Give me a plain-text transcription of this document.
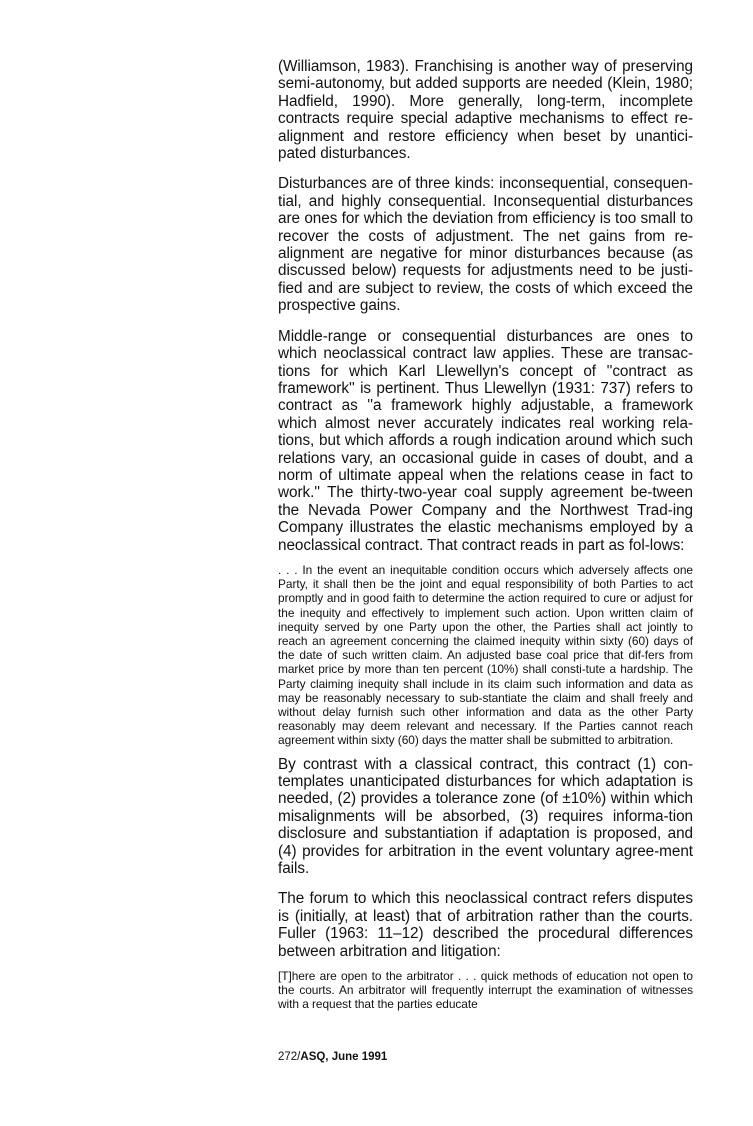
(Williamson, 1983). Franchising is another way of preserving semi-autonomy, but added supports are needed (Klein, 1980; Hadfield, 1990). More generally, long-term, incomplete contracts require special adaptive mechanisms to effect re-alignment and restore efficiency when beset by unantici-pated disturbances.

Disturbances are of three kinds: inconsequential, consequen-tial, and highly consequential. Inconsequential disturbances are ones for which the deviation from efficiency is too small to recover the costs of adjustment. The net gains from re-alignment are negative for minor disturbances because (as discussed below) requests for adjustments need to be justi-fied and are subject to review, the costs of which exceed the prospective gains.

Middle-range or consequential disturbances are ones to which neoclassical contract law applies. These are transac-tions for which Karl Llewellyn's concept of ''contract as framework'' is pertinent. Thus Llewellyn (1931: 737) refers to contract as ''a framework highly adjustable, a framework which almost never accurately indicates real working rela-tions, but which affords a rough indication around which such relations vary, an occasional guide in cases of doubt, and a norm of ultimate appeal when the relations cease in fact to work.'' The thirty-two-year coal supply agreement be-tween the Nevada Power Company and the Northwest Trad-ing Company illustrates the elastic mechanisms employed by a neoclassical contract. That contract reads in part as fol-lows:

. . . In the event an inequitable condition occurs which adversely affects one Party, it shall then be the joint and equal responsibility of both Parties to act promptly and in good faith to determine the action required to cure or adjust for the inequity and effectively to implement such action. Upon written claim of inequity served by one Party upon the other, the Parties shall act jointly to reach an agreement concerning the claimed inequity within sixty (60) days of the date of such written claim. An adjusted base coal price that dif-fers from market price by more than ten percent (10%) shall consti-tute a hardship. The Party claiming inequity shall include in its claim such information and data as may be reasonably necessary to sub-stantiate the claim and shall freely and without delay furnish such other information and data as the other Party reasonably may deem relevant and necessary. If the Parties cannot reach agreement within sixty (60) days the matter shall be submitted to arbitration.

By contrast with a classical contract, this contract (1) con-templates unanticipated disturbances for which adaptation is needed, (2) provides a tolerance zone (of ±10%) within which misalignments will be absorbed, (3) requires informa-tion disclosure and substantiation if adaptation is proposed, and (4) provides for arbitration in the event voluntary agree-ment fails.

The forum to which this neoclassical contract refers disputes is (initially, at least) that of arbitration rather than the courts. Fuller (1963: 11–12) described the procedural differences between arbitration and litigation:

[T]here are open to the arbitrator . . . quick methods of education not open to the courts. An arbitrator will frequently interrupt the examination of witnesses with a request that the parties educate

272/ASQ, June 1991
